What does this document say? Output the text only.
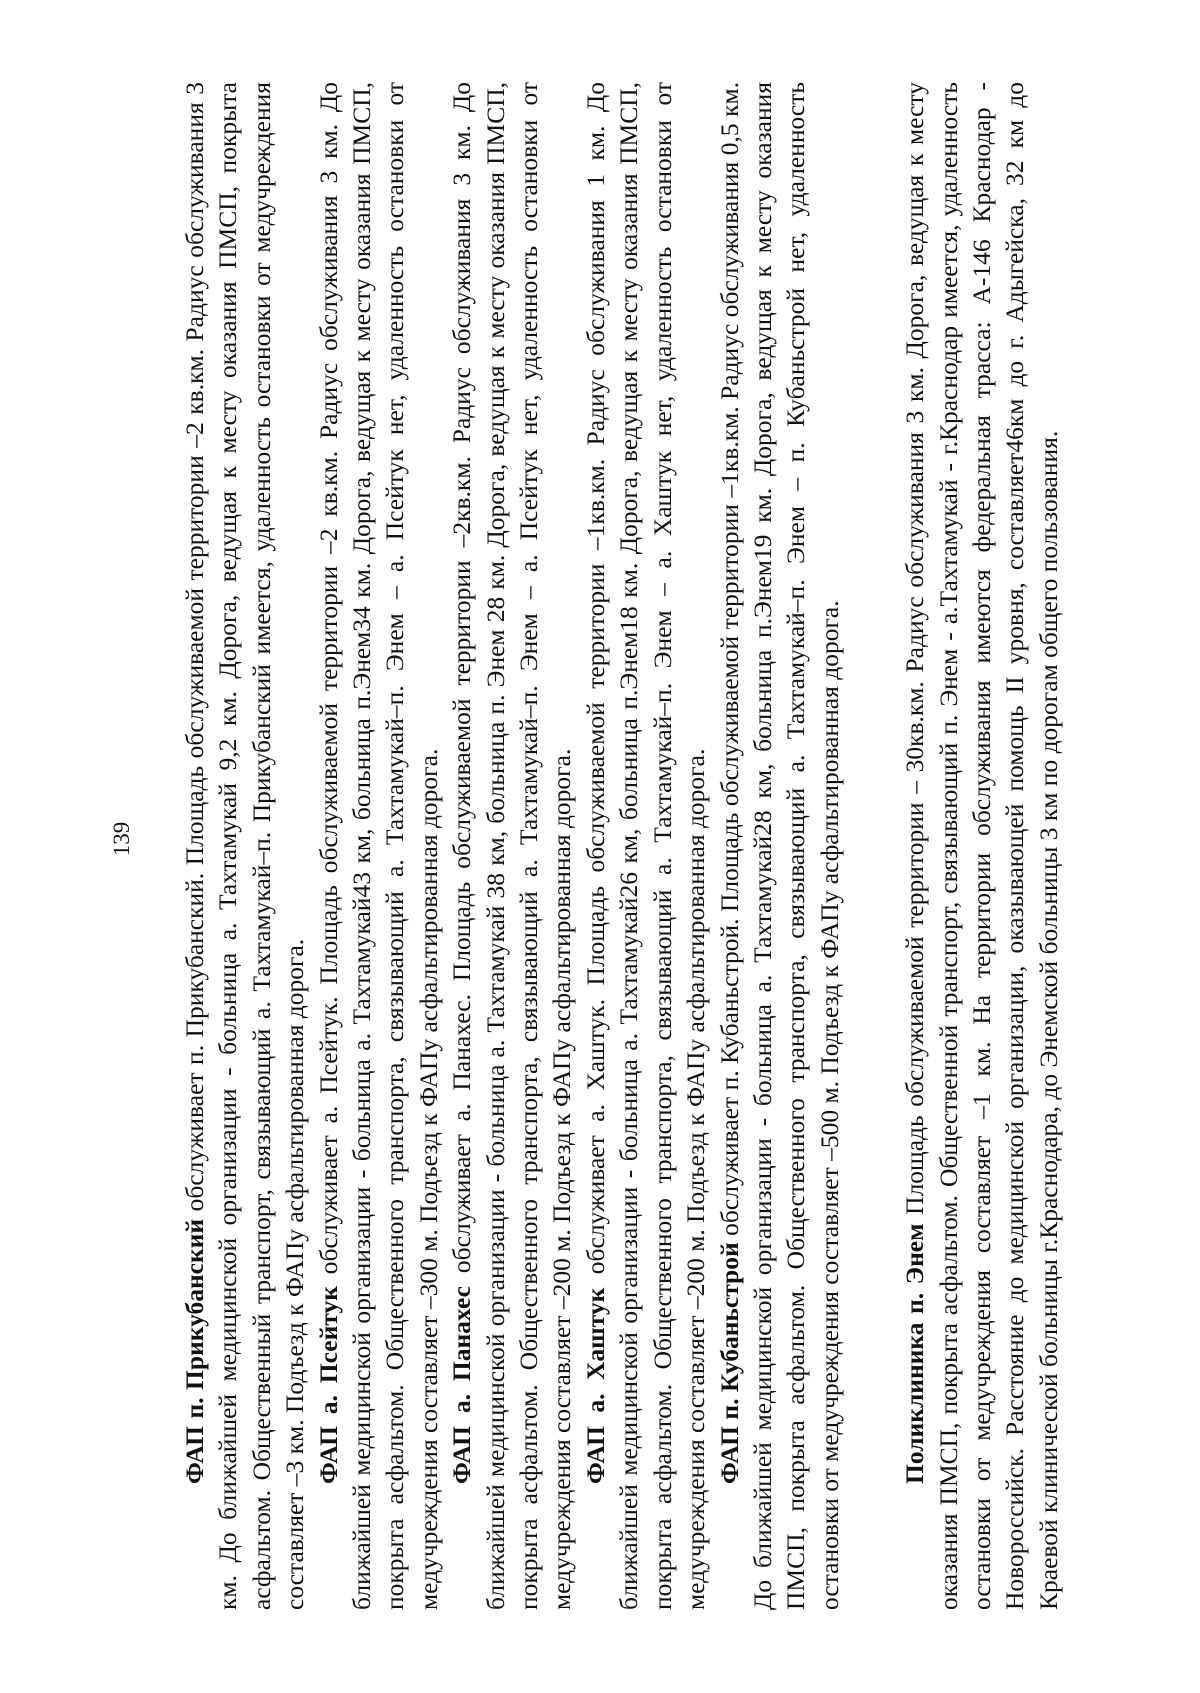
139

ФАП п. Прикубанский обслуживает п. Прикубанский. Площадь обслуживаемой территории –2 кв.км. Радиус обслуживания 3 км. До ближайшей медицинской организации - больница а. Тахтамукай 9,2 км. Дорога, ведущая к месту оказания ПМСП, покрыта асфальтом. Общественный транспорт, связывающий а. Тахтамукай–п. Прикубанский имеется, удаленность остановки от медучреждения составляет –3 км. Подъезд к ФАПу асфальтированная дорога. ФАП а. Псейтук обслуживает а. Псейтук. Площадь обслуживаемой территории –2 кв.км. Радиус обслуживания 3 км. До ближайшей медицинской организации - больница а. Тахтамукай43 км, больница п.Энем34 км. Дорога, ведущая к месту оказания ПМСП, покрыта асфальтом. Общественного транспорта, связывающий а. Тахтамукай–п. Энем – а. Псейтук нет, удаленность остановки от медучреждения составляет –300 м. Подъезд к ФАПу асфальтированная дорога. ФАП а. Панахес обслуживает а. Панахес. Площадь обслуживаемой территории –2кв.км. Радиус обслуживания 3 км. До ближайшей медицинской организации - больница а. Тахтамукай 38 км, больница п. Энем 28 км. Дорога, ведущая к месту оказания ПМСП, покрыта асфальтом. Общественного транспорта, связывающий а. Тахтамукай–п. Энем – а. Псейтук нет, удаленность остановки от медучреждения составляет –200 м. Подъезд к ФАПу асфальтированная дорога. ФАП а. Хаштук обслуживает а. Хаштук. Площадь обслуживаемой территории –1кв.км. Радиус обслуживания 1 км. До ближайшей медицинской организации - больница а. Тахтамукай26 км, больница п.Энем18 км. Дорога, ведущая к месту оказания ПМСП, покрыта асфальтом. Общественного транспорта, связывающий а. Тахтамукай–п. Энем – а. Хаштук нет, удаленность остановки от медучреждения составляет –200 м. Подъезд к ФАПу асфальтированная дорога. ФАП п. Кубаньстрой обслуживает п. Кубаньстрой. Площадь обслуживаемой территории –1кв.км. Радиус обслуживания 0,5 км. До ближайшей медицинской организации - больница а. Тахтамукай28 км, больница п.Энем19 км. Дорога, ведущая к месту оказания ПМСП, покрыта асфальтом. Общественного транспорта, связывающий а. Тахтамукай–п. Энем – п. Кубаньстрой нет, удаленность остановки от медучреждения составляет –500 м. Подъезд к ФАПу асфальтированная дорога. Поликлиника п. Энем Площадь обслуживаемой территории – 30кв.км. Радиус обслуживания 3 км. Дорога, ведущая к месту оказания ПМСП, покрыта асфальтом. Общественной транспорт, связывающий п. Энем - а.Тахтамукай - г.Краснодар имеется, удаленность остановки от медучреждения составляет –1 км. На территории обслуживания имеются федеральная трасса: А-146 Краснодар - Новороссийск. Расстояние до медицинской организации, оказывающей помощь II уровня, составляет46км до г. Адыгейска, 32 км до Краевой клинической больницы г.Краснодара, до Энемской больницы 3 км по дорогам общего пользования.
